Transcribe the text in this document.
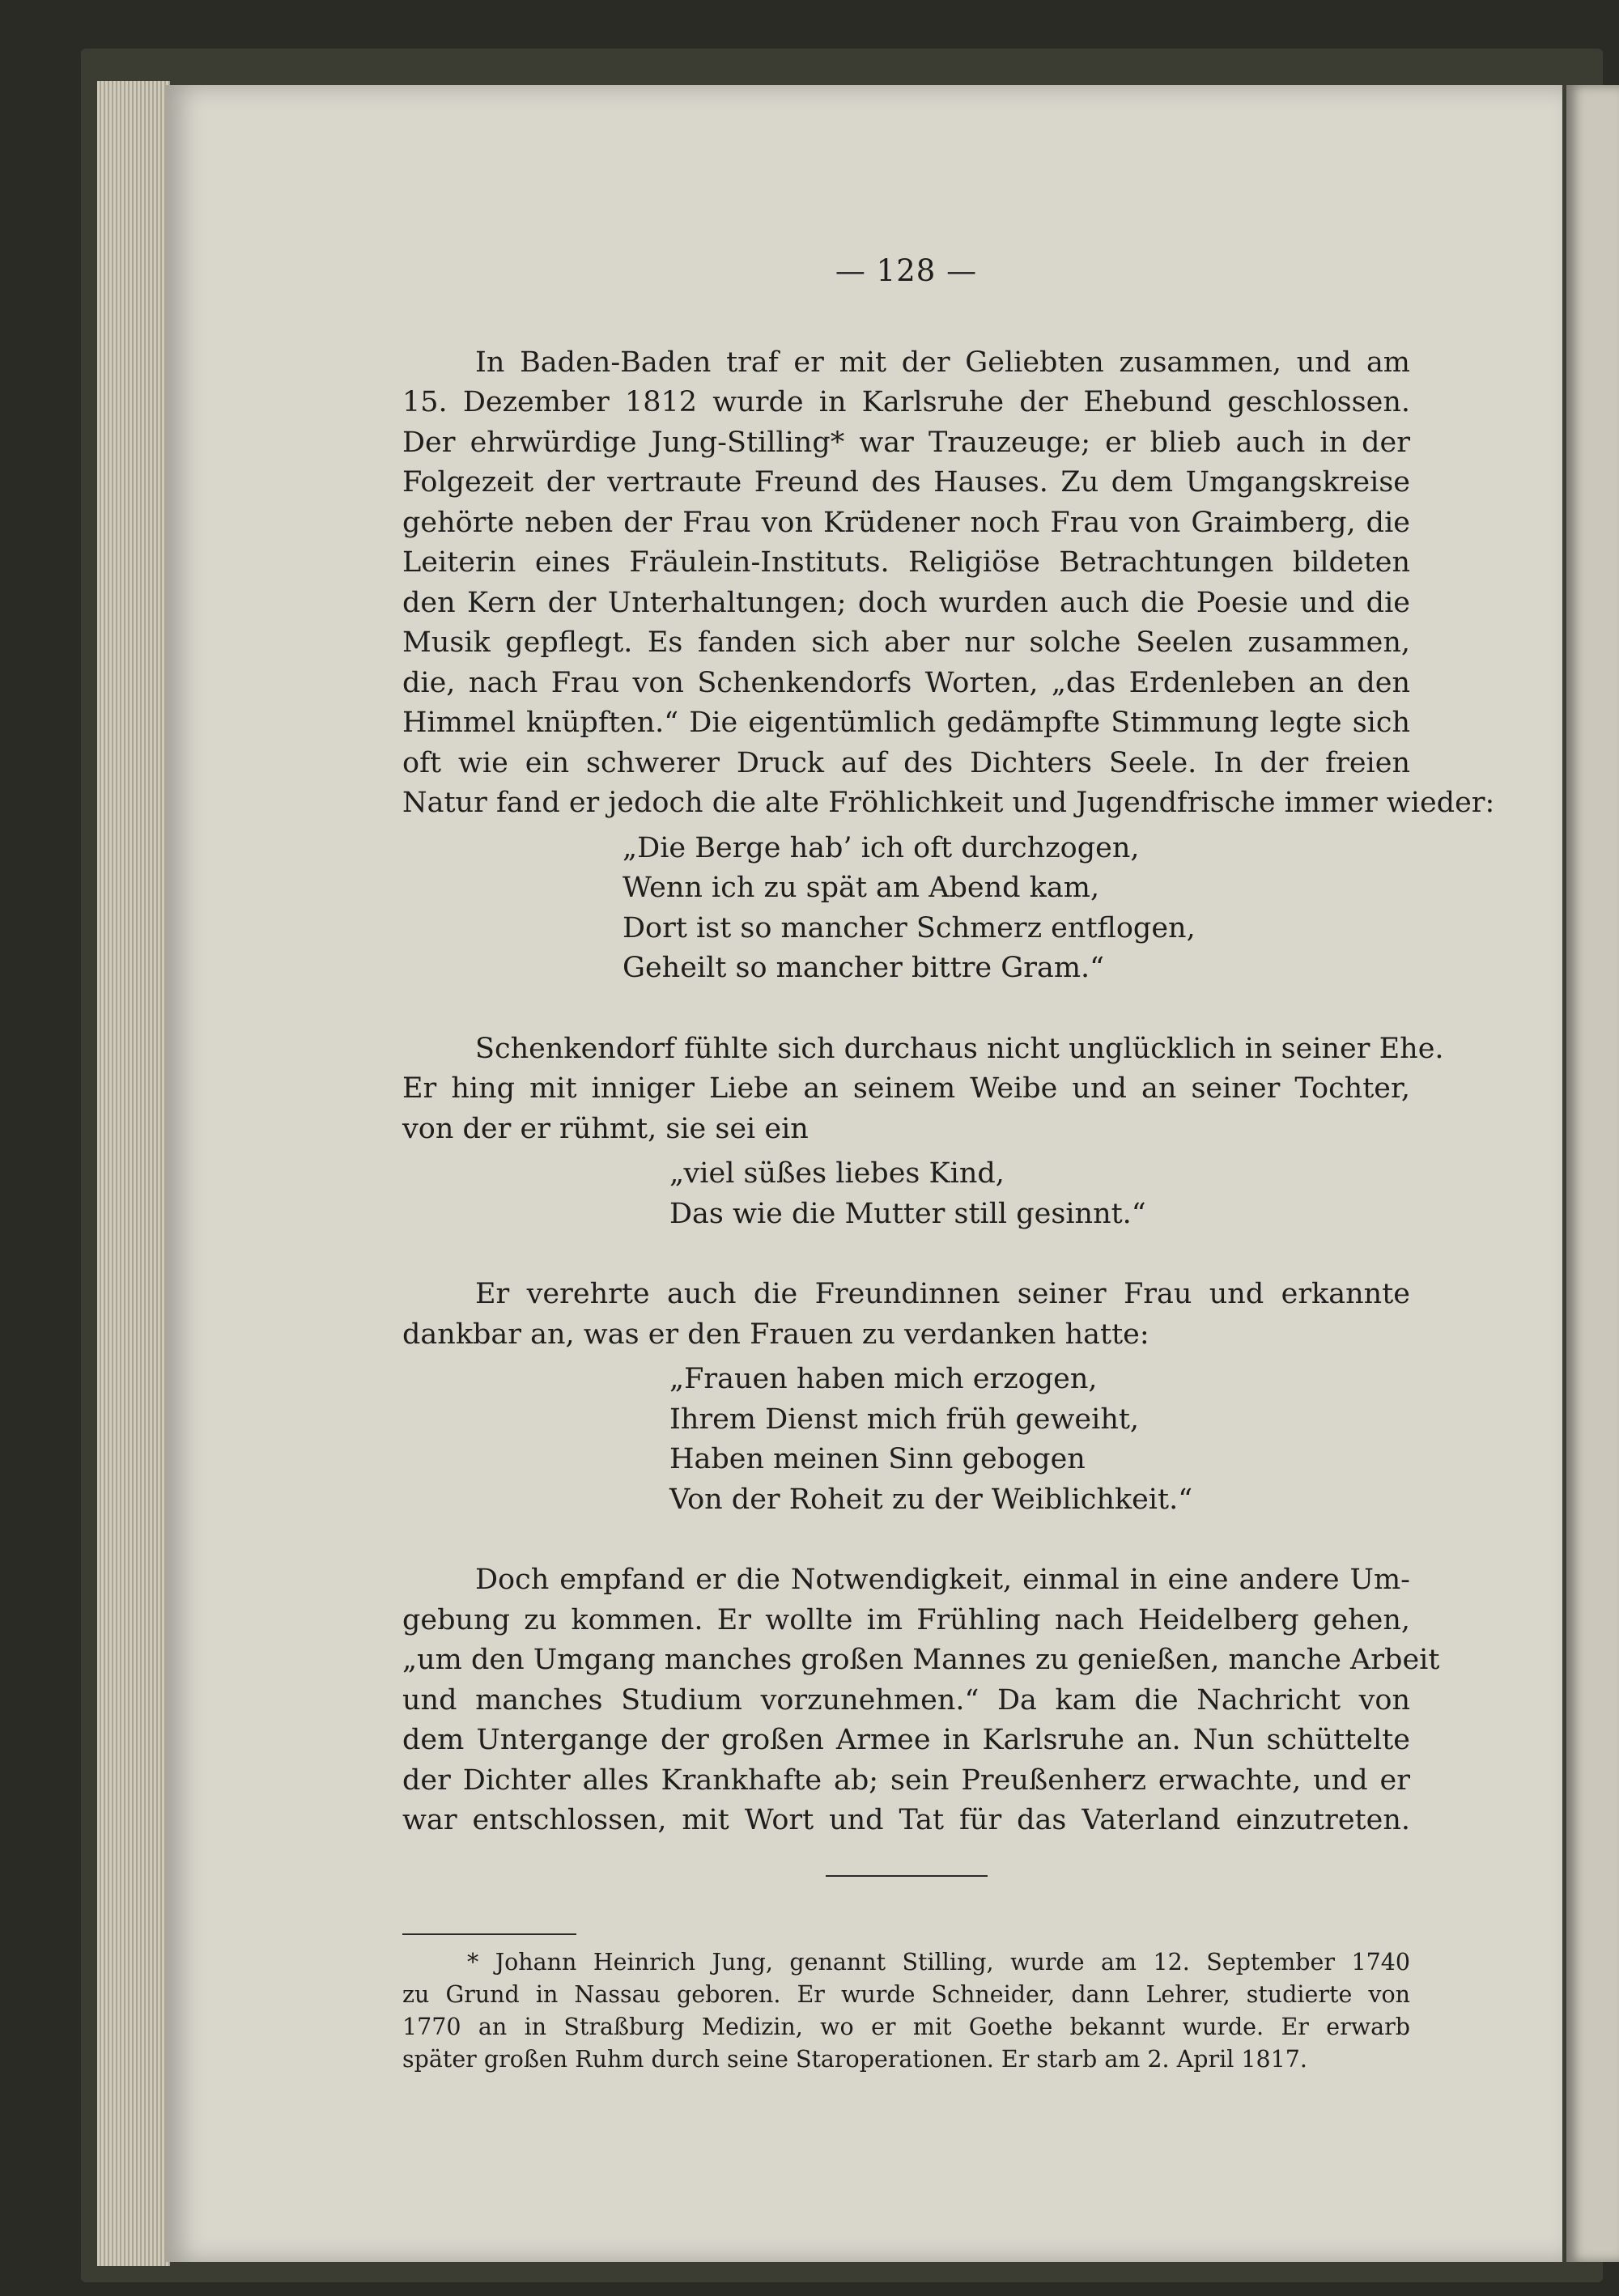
— 128 —

In Baden-Baden traf er mit der Geliebten zusammen, und am
15. Dezember 1812 wurde in Karlsruhe der Ehebund geschlossen.
Der ehrwürdige Jung-Stilling* war Trauzeuge; er blieb auch in der
Folgezeit der vertraute Freund des Hauses. Zu dem Umgangskreise
gehörte neben der Frau von Krüdener noch Frau von Graimberg, die
Leiterin eines Fräulein-Instituts. Religiöse Betrachtungen bildeten
den Kern der Unterhaltungen; doch wurden auch die Poesie und die
Musik gepflegt. Es fanden sich aber nur solche Seelen zusammen,
die, nach Frau von Schenkendorfs Worten, „das Erdenleben an den
Himmel knüpften.“ Die eigentümlich gedämpfte Stimmung legte sich
oft wie ein schwerer Druck auf des Dichters Seele. In der freien
Natur fand er jedoch die alte Fröhlichkeit und Jugendfrische immer wieder:

„Die Berge hab’ ich oft durchzogen,
Wenn ich zu spät am Abend kam,
Dort ist so mancher Schmerz entflogen,
Geheilt so mancher bittre Gram.“

Schenkendorf fühlte sich durchaus nicht unglücklich in seiner Ehe.
Er hing mit inniger Liebe an seinem Weibe und an seiner Tochter,
von der er rühmt, sie sei ein

„viel süßes liebes Kind,
Das wie die Mutter still gesinnt.“

Er verehrte auch die Freundinnen seiner Frau und erkannte
dankbar an, was er den Frauen zu verdanken hatte:

„Frauen haben mich erzogen,
Ihrem Dienst mich früh geweiht,
Haben meinen Sinn gebogen
Von der Roheit zu der Weiblichkeit.“

Doch empfand er die Notwendigkeit, einmal in eine andere Um-
gebung zu kommen. Er wollte im Frühling nach Heidelberg gehen,
„um den Umgang manches großen Mannes zu genießen, manche Arbeit
und manches Studium vorzunehmen.“ Da kam die Nachricht von
dem Untergange der großen Armee in Karlsruhe an. Nun schüttelte
der Dichter alles Krankhafte ab; sein Preußenherz erwachte, und er
war entschlossen, mit Wort und Tat für das Vaterland einzutreten.

* Johann Heinrich Jung, genannt Stilling, wurde am 12. September 1740
zu Grund in Nassau geboren. Er wurde Schneider, dann Lehrer, studierte von
1770 an in Straßburg Medizin, wo er mit Goethe bekannt wurde. Er erwarb
später großen Ruhm durch seine Staroperationen. Er starb am 2. April 1817.
